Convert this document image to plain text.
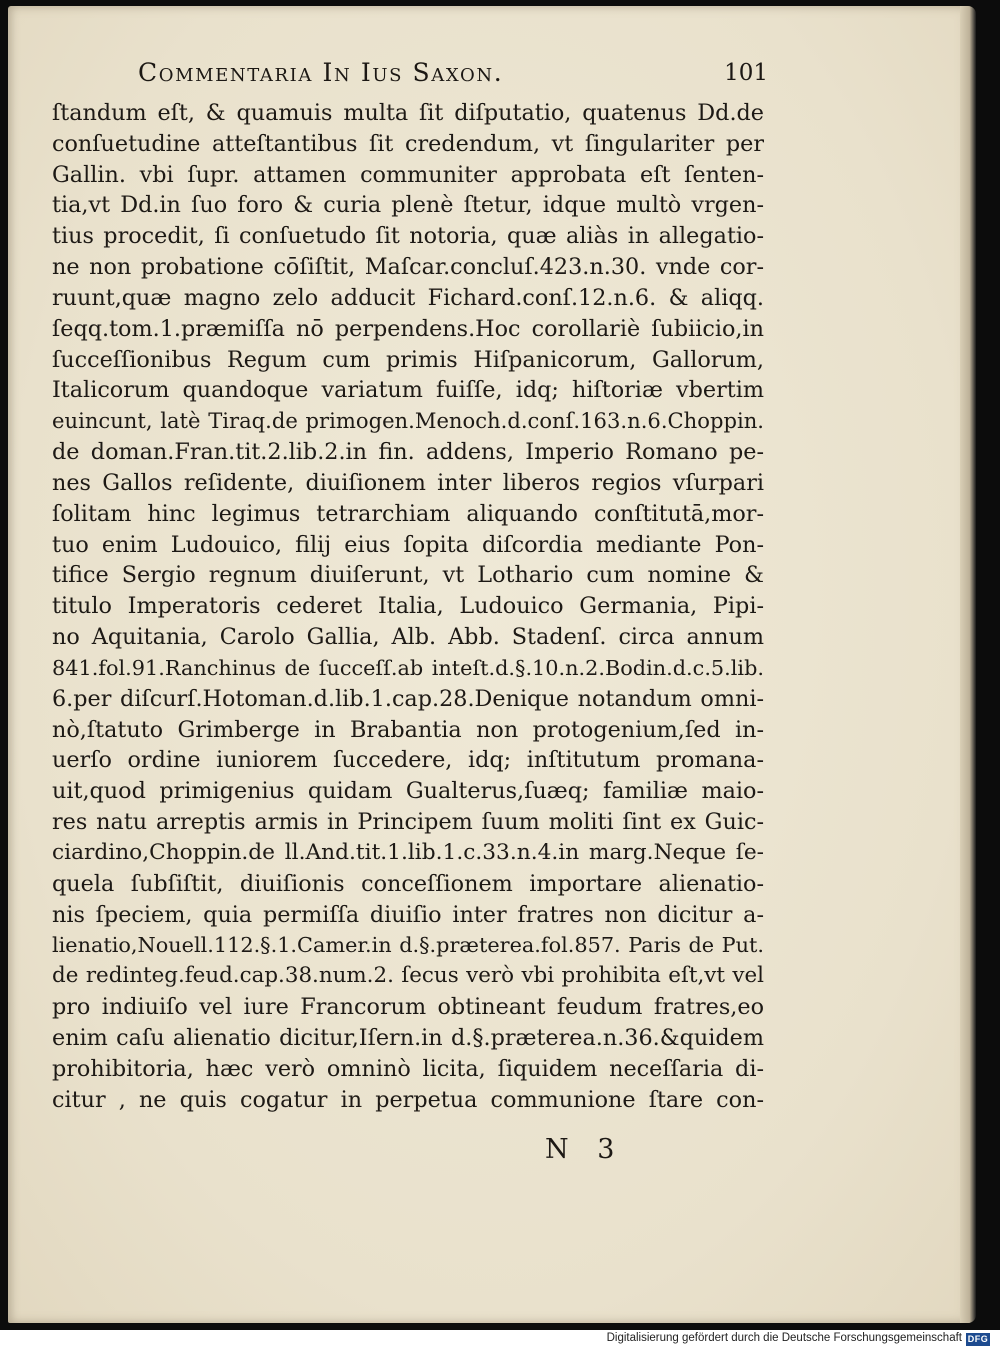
Commentaria In Ius Saxon.	101
ſtandum eſt, & quamuis multa ſit diſputatio, quatenus Dd.de
conſuetudine atteſtantibus ſit credendum, vt ſingulariter per
Gallin. vbi ſupr. attamen communiter approbata eſt ſenten-
tia,vt Dd.in ſuo foro & curia plenè ſtetur, idque multò vrgen-
tius procedit, ſi conſuetudo ſit notoria, quæ aliàs in allegatio-
ne non probatione cōſiſtit, Maſcar.concluſ.423.n.30. vnde cor-
ruunt,quæ magno zelo adducit Fichard.conſ.12.n.6. & aliqq.
ſeqq.tom.1.præmiſſa nō perpendens.Hoc corollariè ſubiicio,in
ſucceſſionibus Regum cum primis Hiſpanicorum, Gallorum,
Italicorum quandoque variatum fuiſſe, idq; hiſtoriæ vbertim
euincunt, latè Tiraq.de primogen.Menoch.d.conſ.163.n.6.Choppin.
de doman.Fran.tit.2.lib.2.in fin. addens, Imperio Romano pe-
nes Gallos reſidente, diuiſionem inter liberos regios vſurpari
ſolitam hinc legimus tetrarchiam aliquando conſtitutā,mor-
tuo enim Ludouico, filij eius ſopita diſcordia mediante Pon-
tifice Sergio regnum diuiſerunt, vt Lothario cum nomine &
titulo Imperatoris cederet Italia, Ludouico Germania, Pipi-
no Aquitania, Carolo Gallia, Alb. Abb. Stadenſ. circa annum
841.fol.91.Ranchinus de ſucceſſ.ab inteſt.d.§.10.n.2.Bodin.d.c.5.lib.
6.per diſcurſ.Hotoman.d.lib.1.cap.28.Denique notandum omni-
nò,ſtatuto Grimberge in Brabantia non protogenium,ſed in-
uerſo ordine iuniorem ſuccedere, idq; inſtitutum promana-
uit,quod primigenius quidam Gualterus,ſuæq; familiæ maio-
res natu arreptis armis in Principem ſuum moliti ſint ex Guic-
ciardino,Choppin.de ll.And.tit.1.lib.1.c.33.n.4.in marg.Neque ſe-
quela ſubſiſtit, diuiſionis conceſſionem importare alienatio-
nis ſpeciem, quia permiſſa diuiſio inter fratres non dicitur a-
lienatio,Nouell.112.§.1.Camer.in d.§.præterea.fol.857. Paris de Put.
de redinteg.feud.cap.38.num.2. ſecus verò vbi prohibita eſt,vt vel
pro indiuiſo vel iure Francorum obtineant feudum fratres,eo
enim caſu alienatio dicitur,Iſern.in d.§.præterea.n.36.&quidem
prohibitoria, hæc verò omninò licita, ſiquidem neceſſaria di-
citur , ne quis cogatur in perpetua communione ſtare con-
N 3
Digitalisierung gefördert durch die Deutsche Forschungsgemeinschaft DFG
